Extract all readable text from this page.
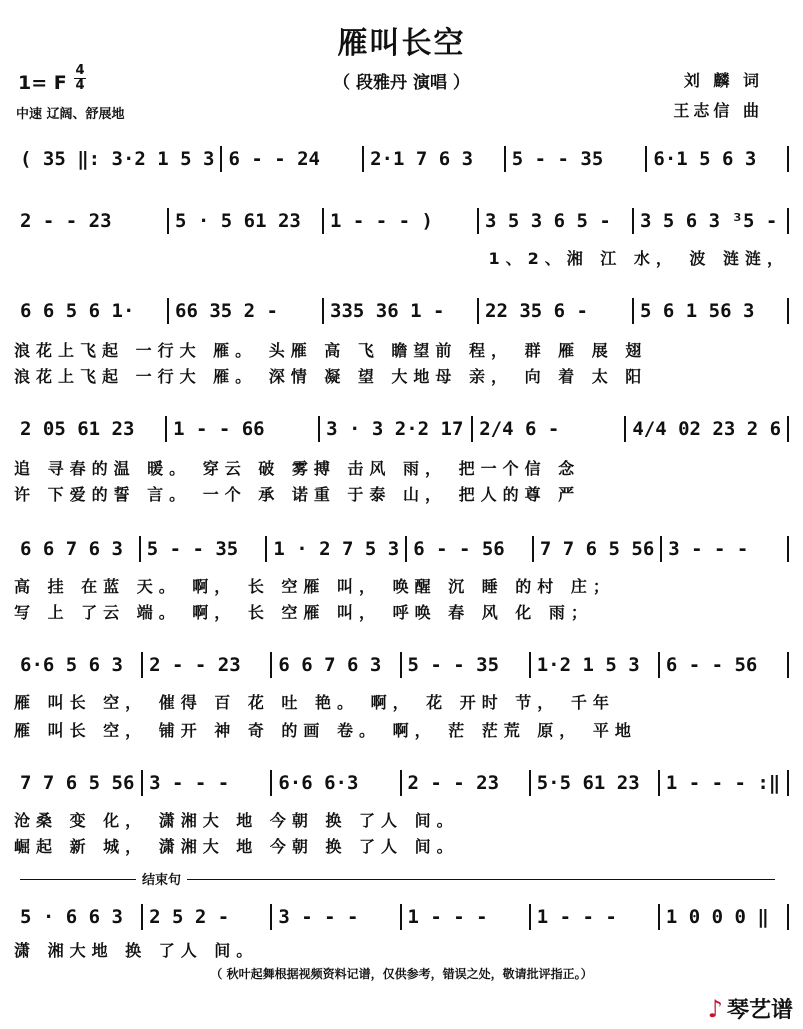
雁叫长空
（ 段雅丹 演唱 ）
1= F
4
4
中速 辽阔、舒展地
刘 麟 词
王志信 曲
( 35 ‖: 3·2 1 5 3 6 - - 24	2·1 7 6 3	5 - - 35	6·1 5 6 3
2 - - 23	5 · 5 61 23	1 - - - )	3 5 3 6 5 -	3 5 6 3 ³5 -
1、2、湘 江 水， 波 涟涟，
6 6 5 6 1·	66 35 2 -	335 36 1 -	22 35 6 -	5 6 1 56 3
浪花上飞起 一行大 雁。 头雁 高 飞 瞻望前 程， 群 雁 展 翅
浪花上飞起 一行大 雁。 深情 凝 望 大地母 亲， 向 着 太 阳
2 05 61 23	1 - - 66	3 · 3 2·2 17 2/4 6 -	4/4 02 23 2 6
追 寻春的温 暖。 穿云 破 雾搏 击风 雨， 把一个信 念
许 下爱的誓 言。 一个 承 诺重 于泰 山， 把人的尊 严
6 6 7 6 3	5 - - 35	1 · 2 7 5 3 6 - - 56	7 7 6 5 56 3 - - -
高 挂 在蓝 天。 啊， 长 空雁 叫， 唤醒 沉 睡 的村 庄；
写 上 了云 端。 啊， 长 空雁 叫， 呼唤 春 风 化 雨；
6·6 5 6 3	2 - - 23	6 6 7 6 3	5 - - 35	1·2 1 5 3	6 - - 56
雁 叫长 空， 催得 百 花 吐 艳。 啊， 花 开时 节， 千年
雁 叫长 空， 铺开 神 奇 的画 卷。 啊， 茫 茫荒 原， 平地
7 7 6 5 56 3 - - -	6·6 6·3	2 - - 23	5·5 61 23	1 - - - :‖
沧桑 变 化， 潇湘大 地 今朝 换 了人 间。
崛起 新 城， 潇湘大 地 今朝 换 了人 间。
结束句
5 · 6 6 3	2 5 2 -	3 - - -	1 - - -	1 - - -	1 0 0 0 ‖
潇 湘大地 换 了人 间。
（ 秋叶起舞根据视频资料记谱，仅供参考，错误之处，敬请批评指正。）
♪ 琴艺谱
